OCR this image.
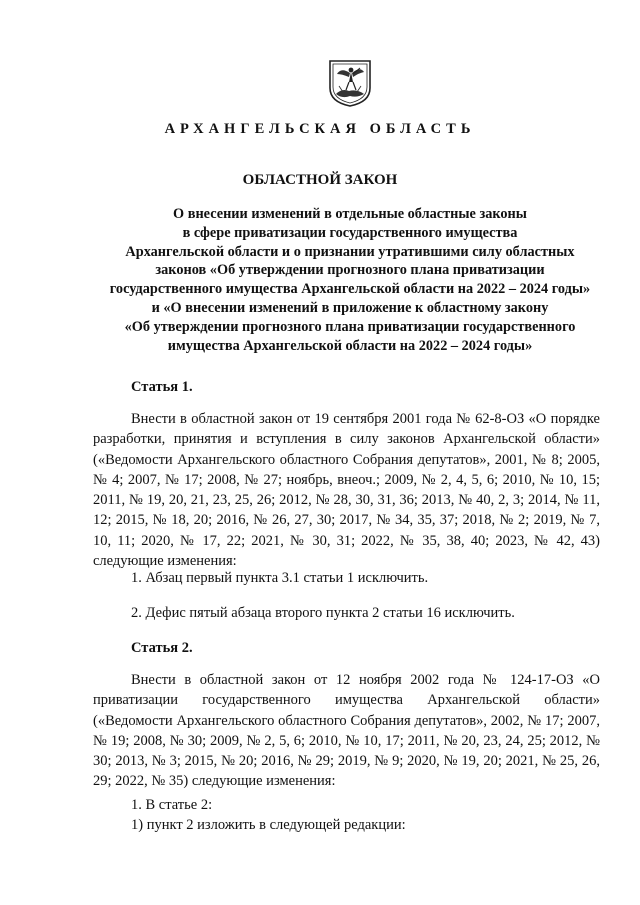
АРХАНГЕЛЬСКАЯ ОБЛАСТЬ
ОБЛАСТНОЙ ЗАКОН
О внесении изменений в отдельные областные законы
в сфере приватизации государственного имущества
Архангельской области и о признании утратившими силу областных
законов «Об утверждении прогнозного плана приватизации
государственного имущества Архангельской области на 2022 – 2024 годы»
и «О внесении изменений в приложение к областному закону
«Об утверждении прогнозного плана приватизации государственного
имущества Архангельской области на 2022 – 2024 годы»
Статья 1.

Внести в областной закон от 19 сентября 2001 года № 62-8-ОЗ «О порядке разработки, принятия и вступления в силу законов Архангельской области» («Ведомости Архангельского областного Собрания депутатов», 2001, № 8; 2005, № 4; 2007, № 17; 2008, № 27; ноябрь, внеоч.; 2009, № 2, 4, 5, 6; 2010, № 10, 15; 2011, № 19, 20, 21, 23, 25, 26; 2012, № 28, 30, 31, 36; 2013, № 40, 2, 3; 2014, № 11, 12; 2015, № 18, 20; 2016, № 26, 27, 30; 2017, № 34, 35, 37; 2018, № 2; 2019, № 7, 10, 11; 2020, № 17, 22; 2021, № 30, 31; 2022, № 35, 38, 40; 2023, № 42, 43) следующие изменения:

1. Абзац первый пункта 3.1 статьи 1 исключить.

2. Дефис пятый абзаца второго пункта 2 статьи 16 исключить.

Статья 2.

Внести в областной закон от 12 ноября 2002 года № 124-17-ОЗ «О приватизации государственного имущества Архангельской области» («Ведомости Архангельского областного Собрания депутатов», 2002, № 17; 2007, № 19; 2008, № 30; 2009, № 2, 5, 6; 2010, № 10, 17; 2011, № 20, 23, 24, 25; 2012, № 30; 2013, № 3; 2015, № 20; 2016, № 29; 2019, № 9; 2020, № 19, 20; 2021, № 25, 26, 29; 2022, № 35) следующие изменения:

1. В статье 2:

1) пункт 2 изложить в следующей редакции:
